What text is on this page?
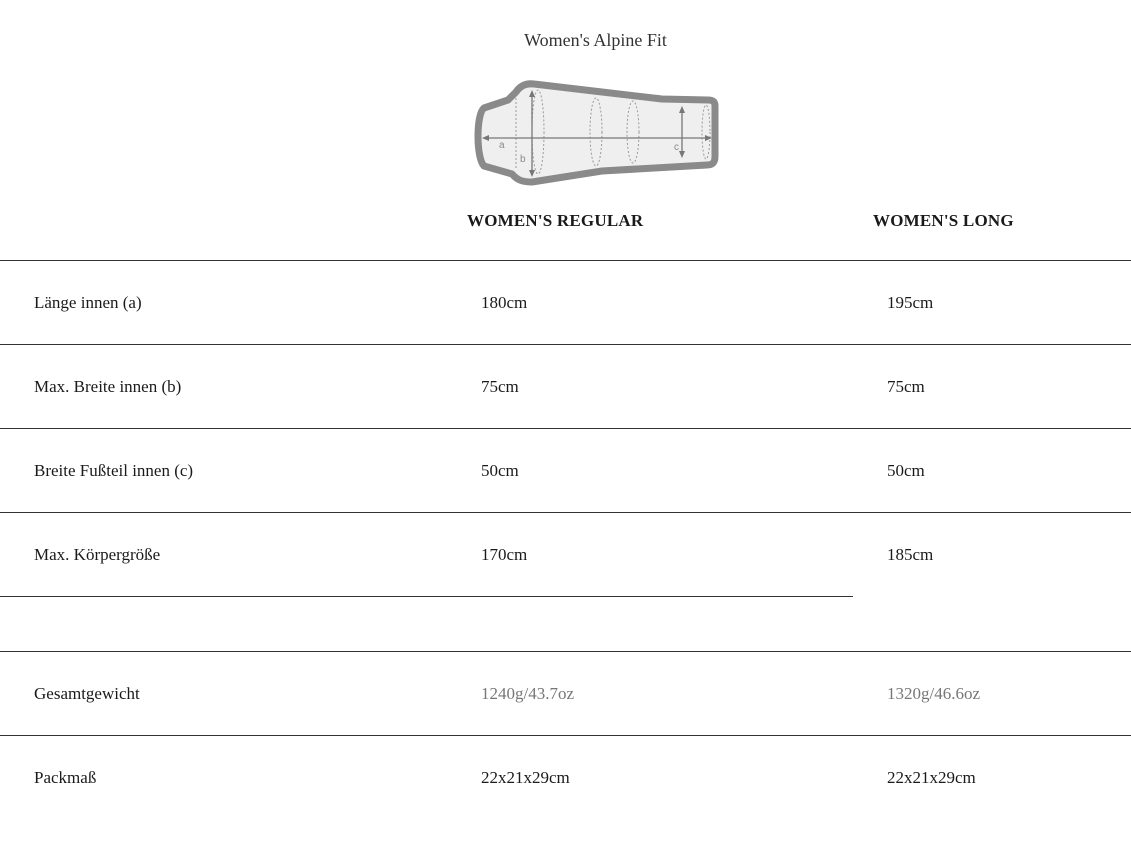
Women's Alpine Fit
a
b
c
WOMEN'S REGULAR	WOMEN'S LONG
Länge innen (a)	180cm	195cm
Max. Breite innen (b)	75cm	75cm
Breite Fußteil innen (c)	50cm	50cm
Max. Körpergröße	170cm	185cm
Gesamtgewicht	1240g/43.7oz	1320g/46.6oz
Packmaß	22x21x29cm	22x21x29cm
